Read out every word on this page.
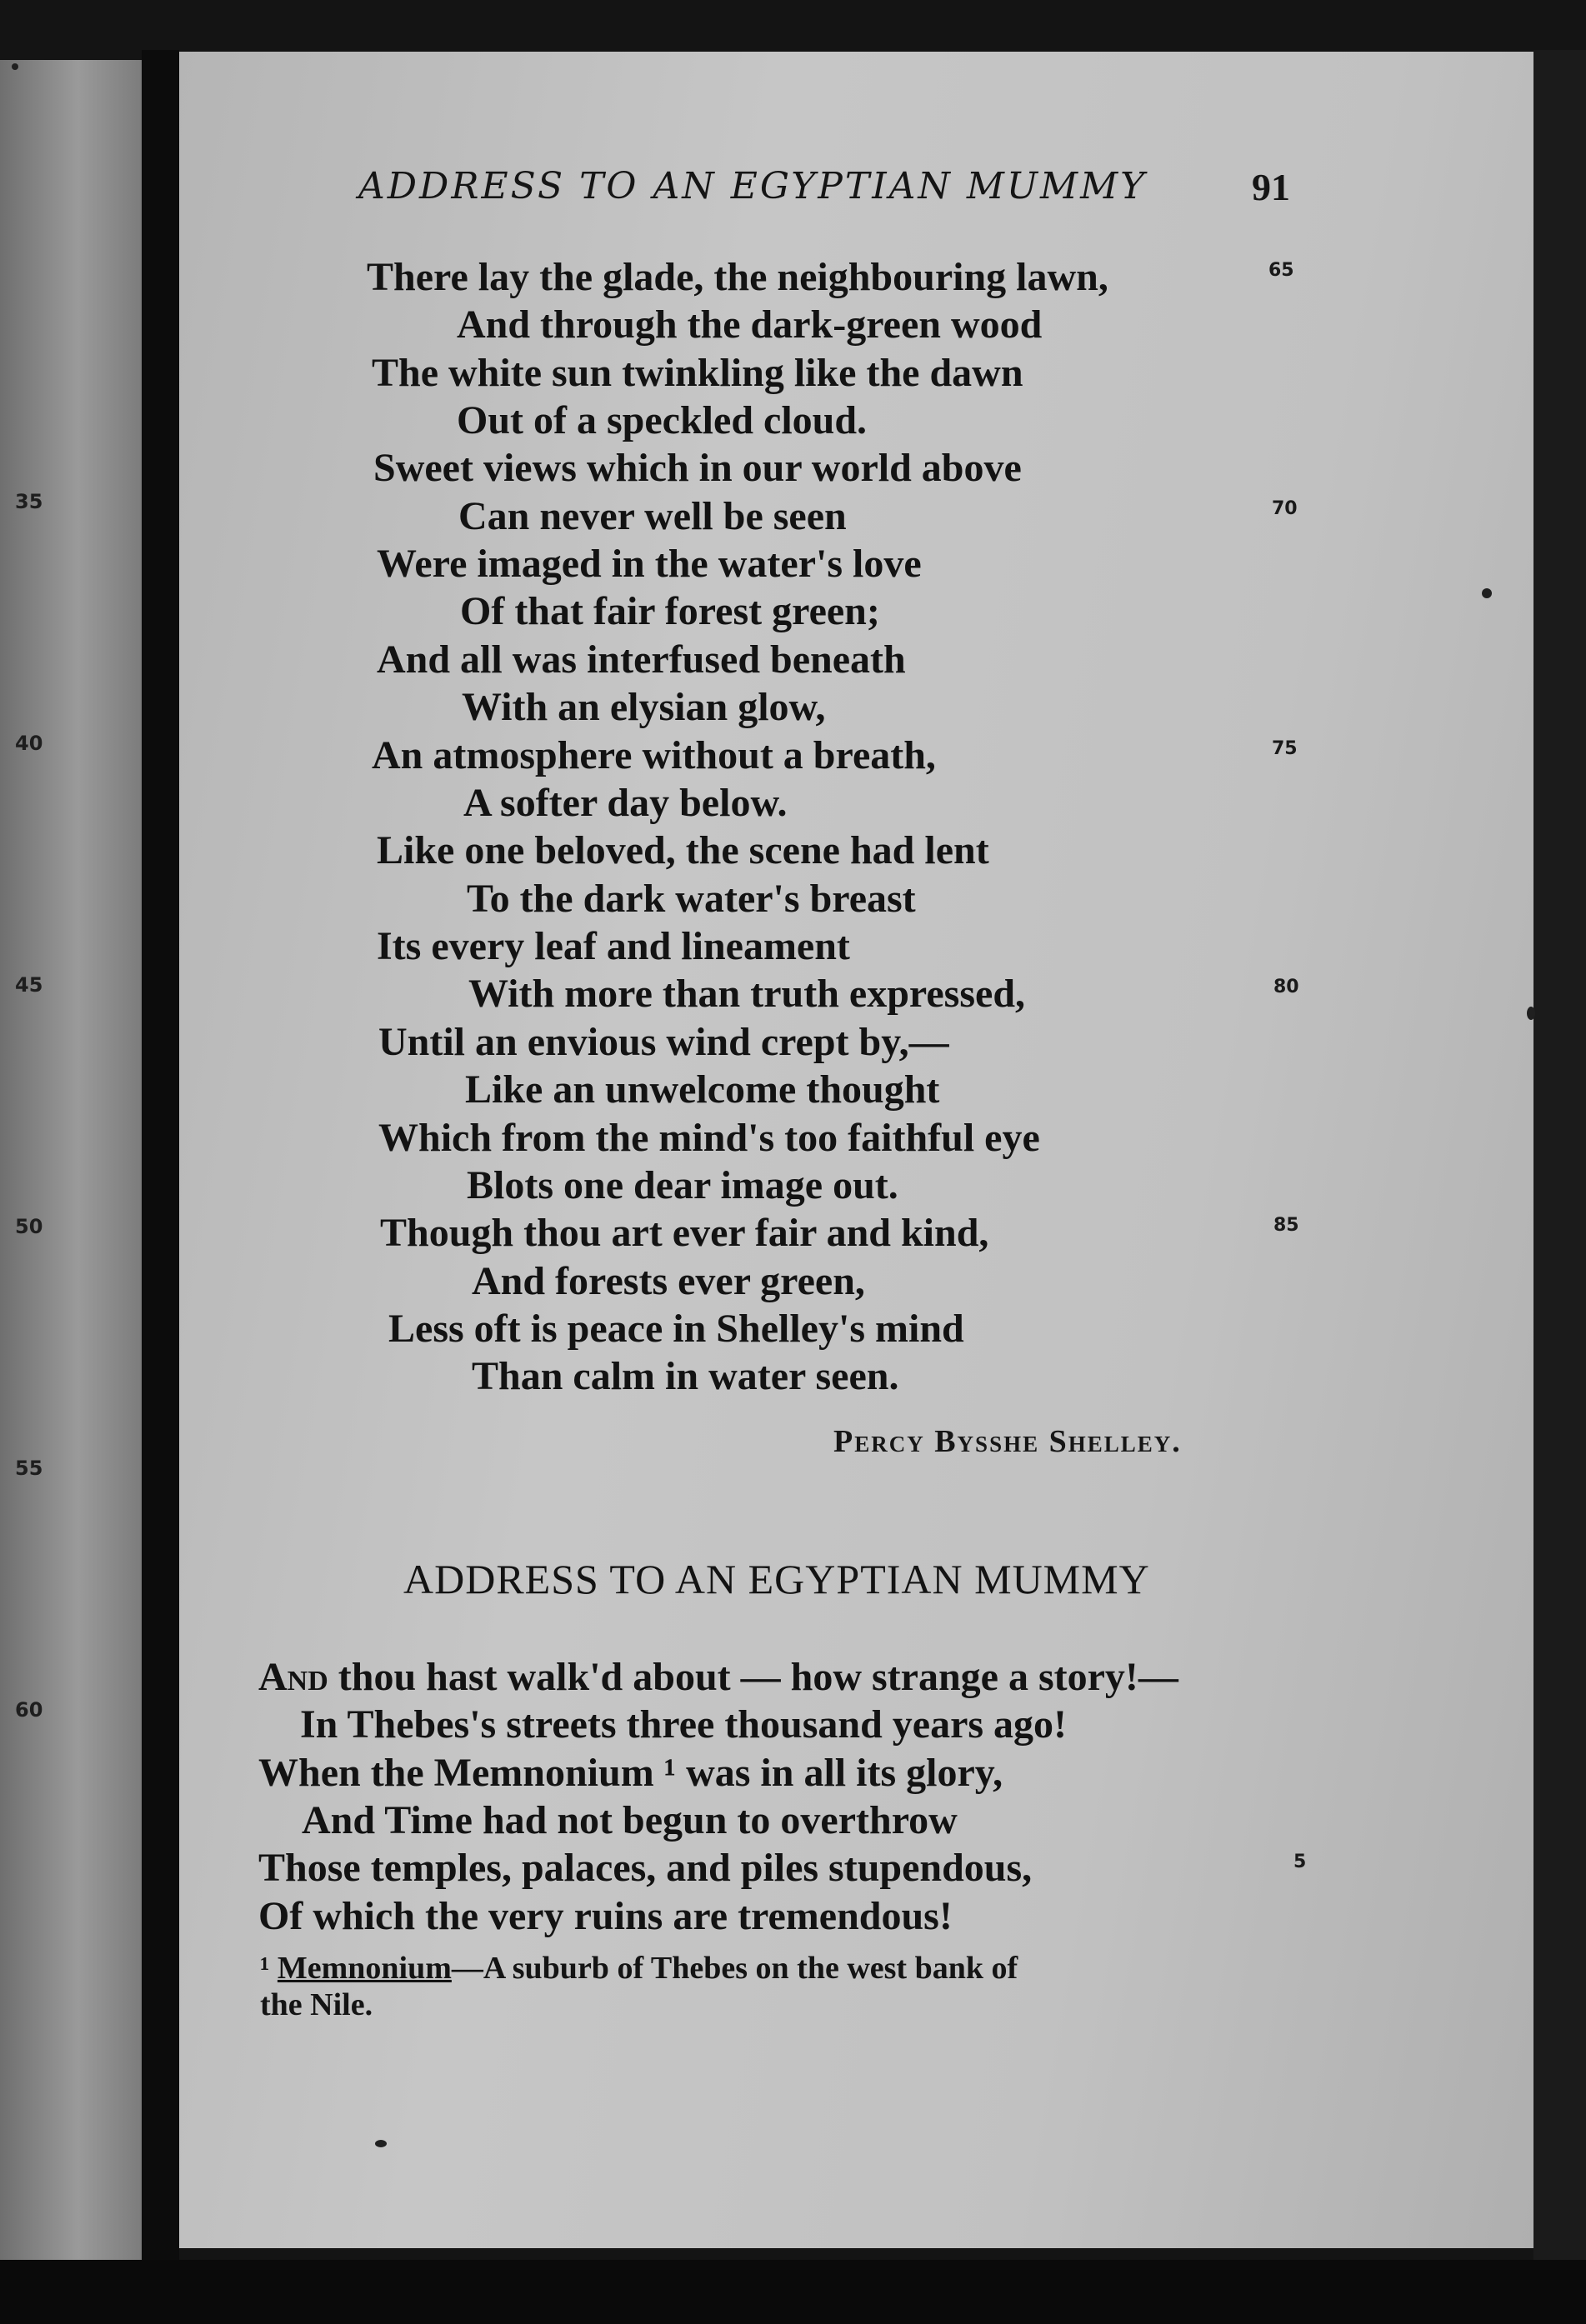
35
40
45
50
55
60
ADDRESS TO AN EGYPTIAN MUMMY	91
There lay the glade, the neighbouring lawn,
And through the dark-green wood
The white sun twinkling like the dawn
Out of a speckled cloud.
Sweet views which in our world above
Can never well be seen
Were imaged in the water's love
Of that fair forest green;
And all was interfused beneath
With an elysian glow,
An atmosphere without a breath,
A softer day below.
Like one beloved, the scene had lent
To the dark water's breast
Its every leaf and lineament
With more than truth expressed,
Until an envious wind crept by,—
Like an unwelcome thought
Which from the mind's too faithful eye
Blots one dear image out.
Though thou art ever fair and kind,
And forests ever green,
Less oft is peace in Shelley's mind
Than calm in water seen.
65
70
75
80
85
Percy Bysshe Shelley.
ADDRESS TO AN EGYPTIAN MUMMY
And thou hast walk'd about — how strange a story!—
In Thebes's streets three thousand years ago!
When the Memnonium ¹ was in all its glory,
And Time had not begun to overthrow
Those temples, palaces, and piles stupendous,
Of which the very ruins are tremendous!
5
¹ Memnonium—A suburb of Thebes on the west bank of
the Nile.
